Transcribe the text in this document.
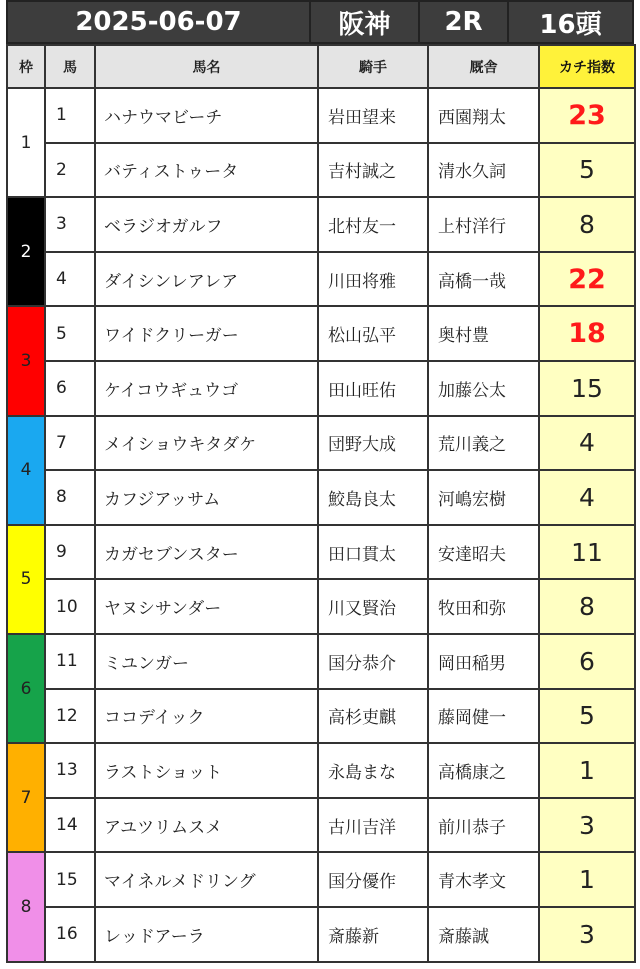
2025-06-07	阪神	2R	16頭
枠	馬	馬名	騎手	厩舎	カチ指数
1	1	ハナウマビーチ	岩田望来	西園翔太	23
	2	バティストゥータ	吉村誠之	清水久詞	5
2	3	ベラジオガルフ	北村友一	上村洋行	8
	4	ダイシンレアレア	川田将雅	高橋一哉	22
3	5	ワイドクリーガー	松山弘平	奥村豊	18
	6	ケイコウギュウゴ	田山旺佑	加藤公太	15
4	7	メイショウキタダケ	団野大成	荒川義之	4
	8	カフジアッサム	鮫島良太	河嶋宏樹	4
5	9	カガセブンスター	田口貫太	安達昭夫	11
	10	ヤヌシサンダー	川又賢治	牧田和弥	8
6	11	ミユンガー	国分恭介	岡田稲男	6
	12	ココデイック	高杉吏麒	藤岡健一	5
7	13	ラストショット	永島まな	高橋康之	1
	14	アユツリムスメ	古川吉洋	前川恭子	3
8	15	マイネルメドリング	国分優作	青木孝文	1
	16	レッドアーラ	斎藤新	斎藤誠	3
